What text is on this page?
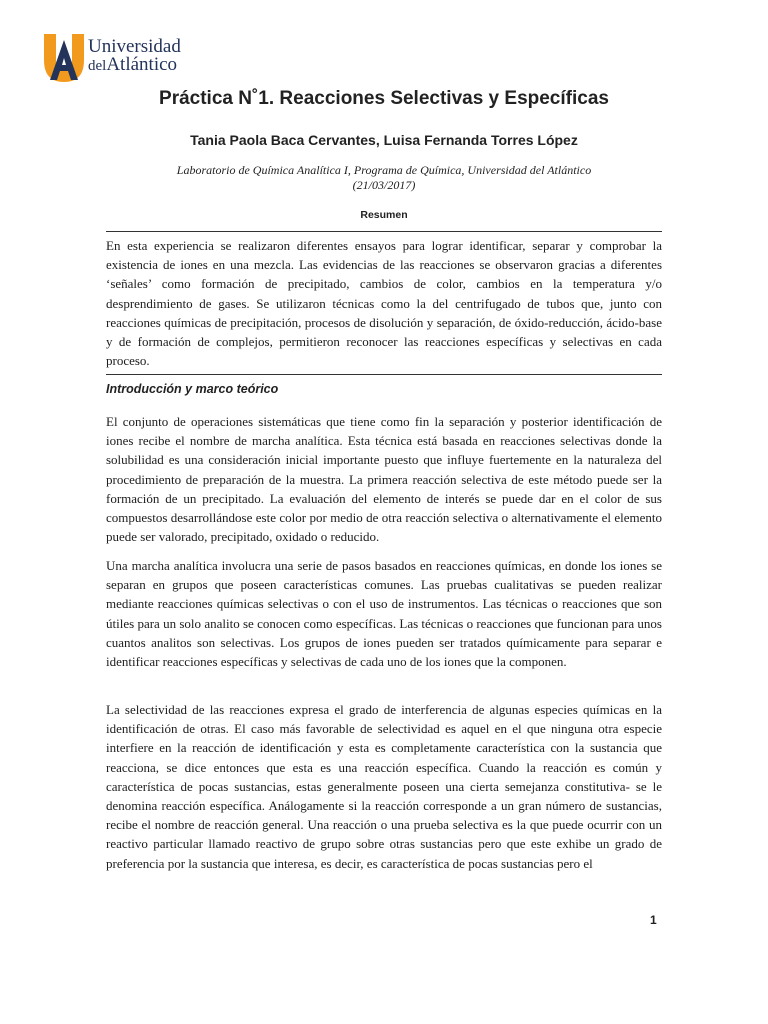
Universidad
delAtlántico
Práctica N˚1. Reacciones Selectivas y Específicas

Tania Paola Baca Cervantes, Luisa Fernanda Torres López

Laboratorio de Química Analítica I, Programa de Química, Universidad del Atlántico
(21/03/2017)

Resumen

En esta experiencia se realizaron diferentes ensayos para lograr identificar, separar y comprobar la existencia de iones en una mezcla. Las evidencias de las reacciones se observaron gracias a diferentes ‘señales’ como formación de precipitado, cambios de color, cambios en la temperatura y/o desprendimiento de gases. Se utilizaron técnicas como la del centrifugado de tubos que, junto con reacciones químicas de precipitación, procesos de disolución y separación, de óxido-reducción, ácido-base y de formación de complejos, permitieron reconocer las reacciones específicas y selectivas en cada proceso.

Introducción y marco teórico

El conjunto de operaciones sistemáticas que tiene como fin la separación y posterior identificación de iones recibe el nombre de marcha analítica. Esta técnica está basada en reacciones selectivas donde la solubilidad es una consideración inicial importante puesto que influye fuertemente en la naturaleza del procedimiento de preparación de la muestra. La primera reacción selectiva de este método puede ser la formación de un precipitado. La evaluación del elemento de interés se puede dar en el color de sus compuestos desarrollándose este color por medio de otra reacción selectiva o alternativamente el elemento puede ser valorado, precipitado, oxidado o reducido.

Una marcha analítica involucra una serie de pasos basados en reacciones químicas, en donde los iones se separan en grupos que poseen características comunes. Las pruebas cualitativas se pueden realizar mediante reacciones químicas selectivas o con el uso de instrumentos. Las técnicas o reacciones que son útiles para un solo analito se conocen como específicas. Las técnicas o reacciones que funcionan para unos cuantos analitos son selectivas. Los grupos de iones pueden ser tratados químicamente para separar e identificar reacciones específicas y selectivas de cada uno de los iones que la componen.

La selectividad de las reacciones expresa el grado de interferencia de algunas especies químicas en la identificación de otras. El caso más favorable de selectividad es aquel en el que ninguna otra especie interfiere en la reacción de identificación y esta es completamente característica con la sustancia que reacciona, se dice entonces que esta es una reacción específica. Cuando la reacción es común y característica de pocas sustancias, estas generalmente poseen una cierta semejanza constitutiva- se le denomina reacción específica. Análogamente si la reacción corresponde a un gran número de sustancias, recibe el nombre de reacción general. Una reacción o una prueba selectiva es la que puede ocurrir con un reactivo particular llamado reactivo de grupo sobre otras sustancias pero que este exhibe un grado de preferencia por la sustancia que interesa, es decir, es característica de pocas sustancias pero el

1
